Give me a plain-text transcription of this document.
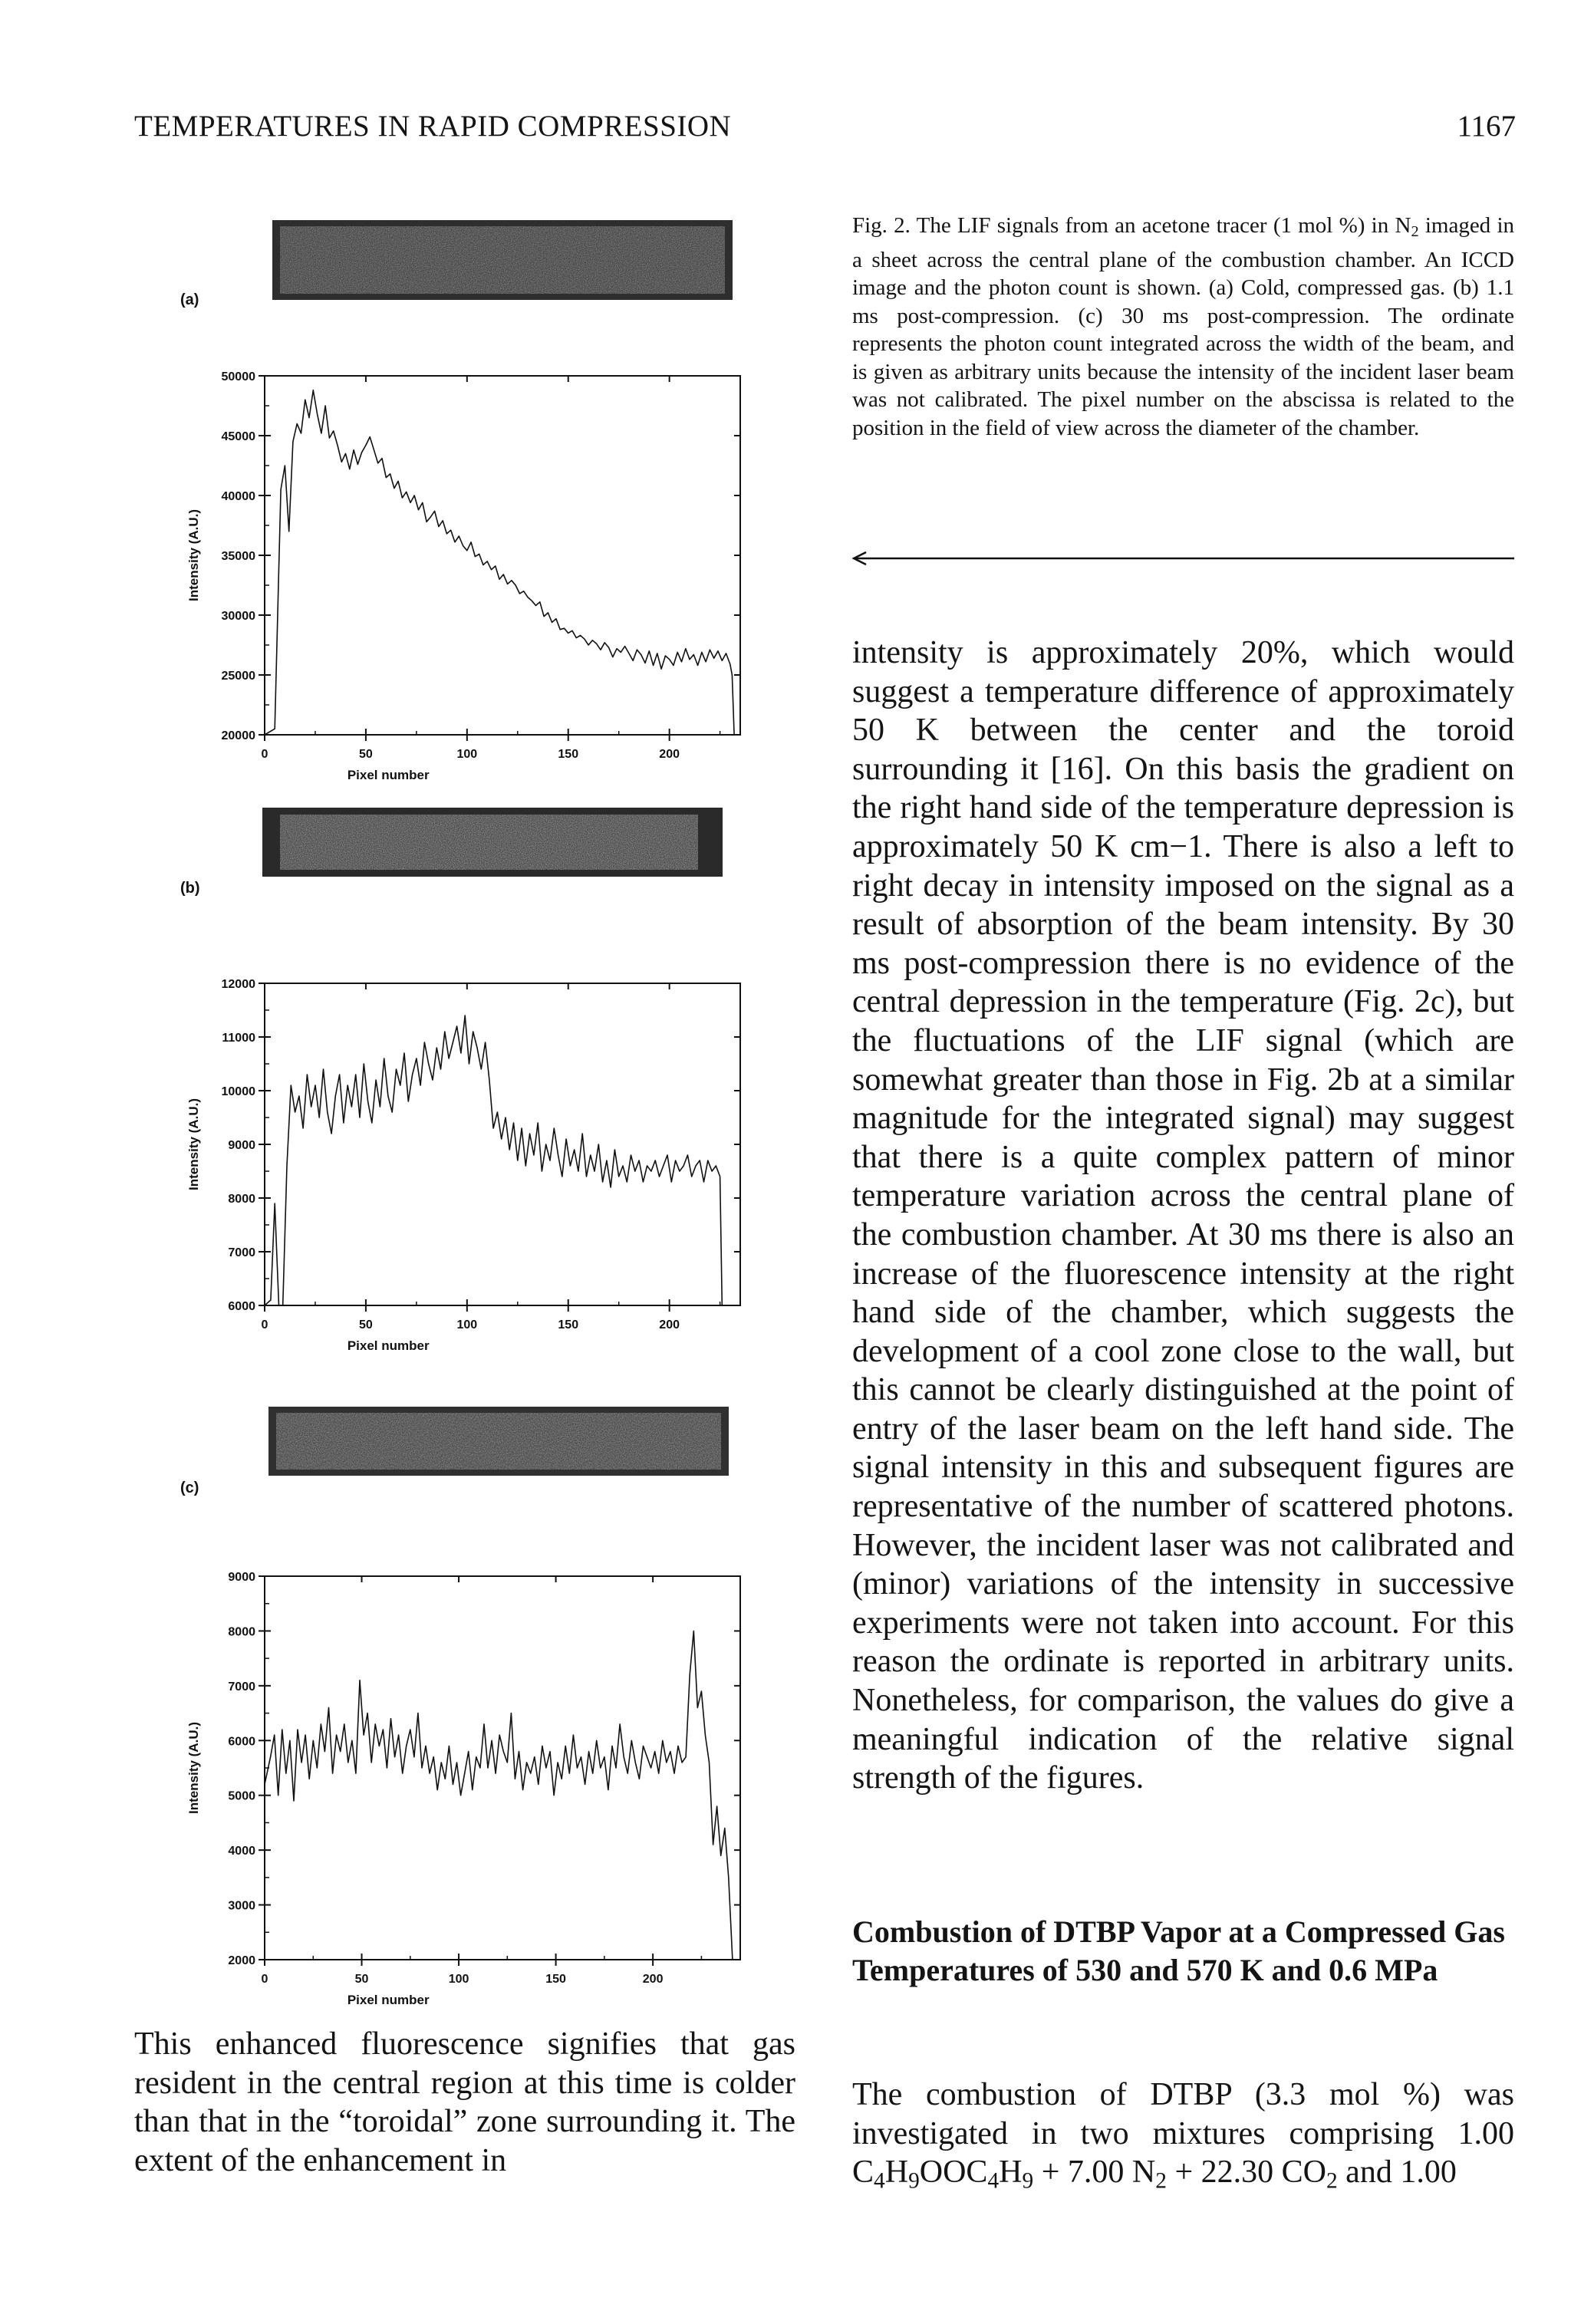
TEMPERATURES IN RAPID COMPRESSION	1167
Fig. 2. The LIF signals from an acetone tracer (1 mol %) in $N_2$ imaged in a sheet across the central plane of the combustion chamber. An ICCD image and the photon count is shown. (a) Cold, compressed gas. (b) 1.1 ms post-compression. (c) 30 ms post-compression. The ordinate represents the photon count integrated across the width of the beam, and is given as arbitrary units because the intensity of the incident laser beam was not calibrated. The pixel number on the abscissa is related to the position in the field of view across the diameter of the chamber.
(a)
20000
25000
30000
35000
40000
45000
50000
0	50	100	150	200
Pixel number
Intensity (A.U.)
(b)
6000
7000
8000
9000
10000
11000
12000
0	50	100	150	200
Pixel number
Intensity (A.U.)
(c)
2000
3000
4000
5000
6000
7000
8000
9000
0	50	100	150	200
Pixel number
Intensity (A.U.)
intensity is approximately 20%, which would suggest a temperature difference of approximately 50 K between the center and the toroid surrounding it [16]. On this basis the gradient on the right hand side of the temperature depression is approximately 50 K cm−1. There is also a left to right decay in intensity imposed on the signal as a result of absorption of the beam intensity. By 30 ms post-compression there is no evidence of the central depression in the temperature (Fig. 2c), but the fluctuations of the LIF signal (which are somewhat greater than those in Fig. 2b at a similar magnitude for the integrated signal) may suggest that there is a quite complex pattern of minor temperature variation across the central plane of the combustion chamber. At 30 ms there is also an increase of the fluorescence intensity at the right hand side of the chamber, which suggests the development of a cool zone close to the wall, but this cannot be clearly distinguished at the point of entry of the laser beam on the left hand side. The signal intensity in this and subsequent figures are representative of the number of scattered photons. However, the incident laser was not calibrated and (minor) variations of the intensity in successive experiments were not taken into account. For this reason the ordinate is reported in arbitrary units. Nonetheless, for comparison, the values do give a meaningful indication of the relative signal strength of the figures.
Combustion of DTBP Vapor at a Compressed Gas Temperatures of 530 and 570 K and 0.6 MPa
The combustion of DTBP (3.3 mol %) was investigated in two mixtures comprising 1.00 $C_4H_9OOC_4H_9 + 7.00$ $N_2 + 22.30$ $CO_2$ and 1.00
This enhanced fluorescence signifies that gas resident in the central region at this time is colder than that in the “toroidal” zone surrounding it. The extent of the enhancement in
